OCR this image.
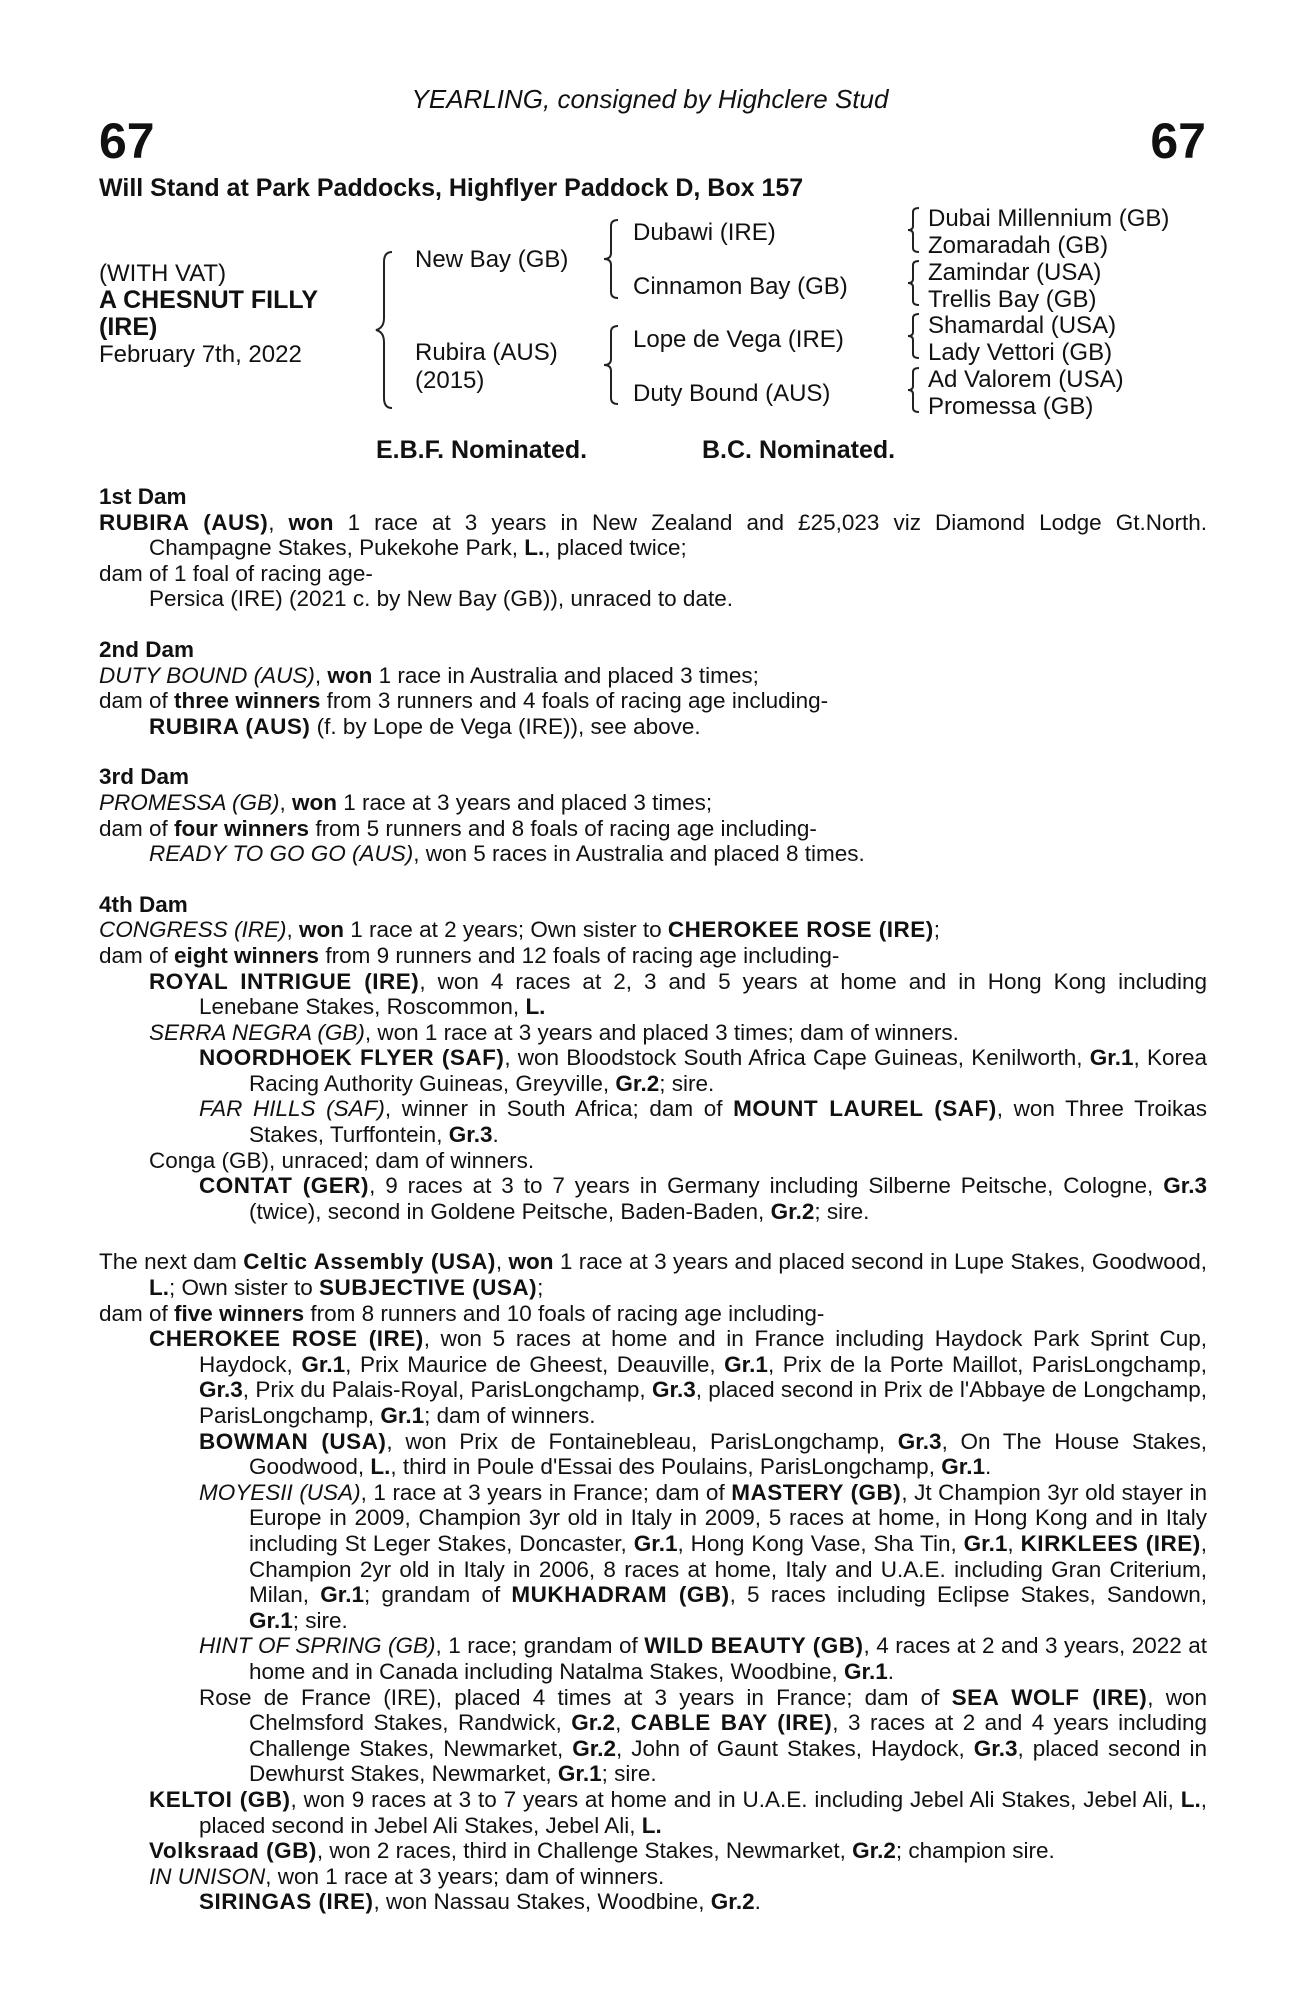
67	67
YEARLING, consigned by Highclere Stud
Will Stand at Park Paddocks, Highflyer Paddock D, Box 157
(WITH VAT)
A CHESNUT FILLY
(IRE)
February 7th, 2022
New Bay (GB)
Rubira (AUS)
(2015)
Dubawi (IRE)
Cinnamon Bay (GB)
Lope de Vega (IRE)
Duty Bound (AUS)
Dubai Millennium (GB)
Zomaradah (GB)
Zamindar (USA)
Trellis Bay (GB)
Shamardal (USA)
Lady Vettori (GB)
Ad Valorem (USA)
Promessa (GB)
E.B.F. Nominated.	B.C. Nominated.
1st Dam

RUBIRA (AUS), won 1 race at 3 years in New Zealand and £25,023 viz Diamond Lodge Gt.North. Champagne Stakes, Pukekohe Park, L., placed twice;

dam of 1 foal of racing age-

Persica (IRE) (2021 c. by New Bay (GB)), unraced to date.

2nd Dam

DUTY BOUND (AUS), won 1 race in Australia and placed 3 times;

dam of three winners from 3 runners and 4 foals of racing age including-

RUBIRA (AUS) (f. by Lope de Vega (IRE)), see above.

3rd Dam

PROMESSA (GB), won 1 race at 3 years and placed 3 times;

dam of four winners from 5 runners and 8 foals of racing age including-

READY TO GO GO (AUS), won 5 races in Australia and placed 8 times.

4th Dam

CONGRESS (IRE), won 1 race at 2 years; Own sister to CHEROKEE ROSE (IRE);

dam of eight winners from 9 runners and 12 foals of racing age including-

ROYAL INTRIGUE (IRE), won 4 races at 2, 3 and 5 years at home and in Hong Kong including Lenebane Stakes, Roscommon, L.

SERRA NEGRA (GB), won 1 race at 3 years and placed 3 times; dam of winners.

NOORDHOEK FLYER (SAF), won Bloodstock South Africa Cape Guineas, Kenilworth, Gr.1, Korea Racing Authority Guineas, Greyville, Gr.2; sire.

FAR HILLS (SAF), winner in South Africa; dam of MOUNT LAUREL (SAF), won Three Troikas Stakes, Turffontein, Gr.3.

Conga (GB), unraced; dam of winners.

CONTAT (GER), 9 races at 3 to 7 years in Germany including Silberne Peitsche, Cologne, Gr.3 (twice), second in Goldene Peitsche, Baden-Baden, Gr.2; sire.

The next dam Celtic Assembly (USA), won 1 race at 3 years and placed second in Lupe Stakes, Goodwood, L.; Own sister to SUBJECTIVE (USA);

dam of five winners from 8 runners and 10 foals of racing age including-

CHEROKEE ROSE (IRE), won 5 races at home and in France including Haydock Park Sprint Cup, Haydock, Gr.1, Prix Maurice de Gheest, Deauville, Gr.1, Prix de la Porte Maillot, ParisLongchamp, Gr.3, Prix du Palais-Royal, ParisLongchamp, Gr.3, placed second in Prix de l'Abbaye de Longchamp, ParisLongchamp, Gr.1; dam of winners.

BOWMAN (USA), won Prix de Fontainebleau, ParisLongchamp, Gr.3, On The House Stakes, Goodwood, L., third in Poule d'Essai des Poulains, ParisLongchamp, Gr.1.

MOYESII (USA), 1 race at 3 years in France; dam of MASTERY (GB), Jt Champion 3yr old stayer in Europe in 2009, Champion 3yr old in Italy in 2009, 5 races at home, in Hong Kong and in Italy including St Leger Stakes, Doncaster, Gr.1, Hong Kong Vase, Sha Tin, Gr.1, KIRKLEES (IRE), Champion 2yr old in Italy in 2006, 8 races at home, Italy and U.A.E. including Gran Criterium, Milan, Gr.1; grandam of MUKHADRAM (GB), 5 races including Eclipse Stakes, Sandown, Gr.1; sire.

HINT OF SPRING (GB), 1 race; grandam of WILD BEAUTY (GB), 4 races at 2 and 3 years, 2022 at home and in Canada including Natalma Stakes, Woodbine, Gr.1.

Rose de France (IRE), placed 4 times at 3 years in France; dam of SEA WOLF (IRE), won Chelmsford Stakes, Randwick, Gr.2, CABLE BAY (IRE), 3 races at 2 and 4 years including Challenge Stakes, Newmarket, Gr.2, John of Gaunt Stakes, Haydock, Gr.3, placed second in Dewhurst Stakes, Newmarket, Gr.1; sire.

KELTOI (GB), won 9 races at 3 to 7 years at home and in U.A.E. including Jebel Ali Stakes, Jebel Ali, L., placed second in Jebel Ali Stakes, Jebel Ali, L.

Volksraad (GB), won 2 races, third in Challenge Stakes, Newmarket, Gr.2; champion sire.

IN UNISON, won 1 race at 3 years; dam of winners.

SIRINGAS (IRE), won Nassau Stakes, Woodbine, Gr.2.
